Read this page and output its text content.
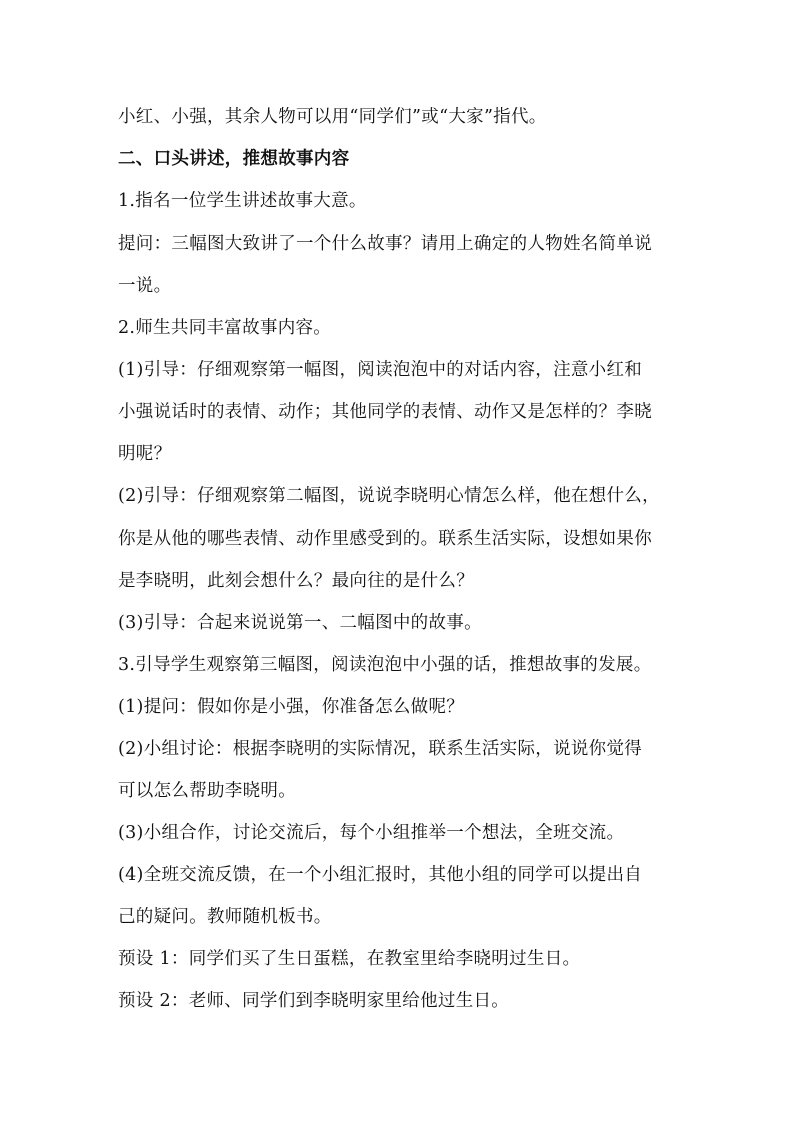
小红、小强，其余人物可以用“同学们”或“大家”指代。
二、口头讲述，推想故事内容
1.指名一位学生讲述故事大意。
提问：三幅图大致讲了一个什么故事？请用上确定的人物姓名简单说
一说。
2.师生共同丰富故事内容。
(1)引导：仔细观察第一幅图，阅读泡泡中的对话内容，注意小红和
小强说话时的表情、动作；其他同学的表情、动作又是怎样的？李晓
明呢？
(2)引导：仔细观察第二幅图，说说李晓明心情怎么样，他在想什么，
你是从他的哪些表情、动作里感受到的。联系生活实际，设想如果你
是李晓明，此刻会想什么？最向往的是什么？
(3)引导：合起来说说第一、二幅图中的故事。
3.引导学生观察第三幅图，阅读泡泡中小强的话，推想故事的发展。
(1)提问：假如你是小强，你准备怎么做呢？
(2)小组讨论：根据李晓明的实际情况，联系生活实际，说说你觉得
可以怎么帮助李晓明。
(3)小组合作，讨论交流后，每个小组推举一个想法，全班交流。
(4)全班交流反馈，在一个小组汇报时，其他小组的同学可以提出自
己的疑问。教师随机板书。
预设 1：同学们买了生日蛋糕，在教室里给李晓明过生日。
预设 2：老师、同学们到李晓明家里给他过生日。
